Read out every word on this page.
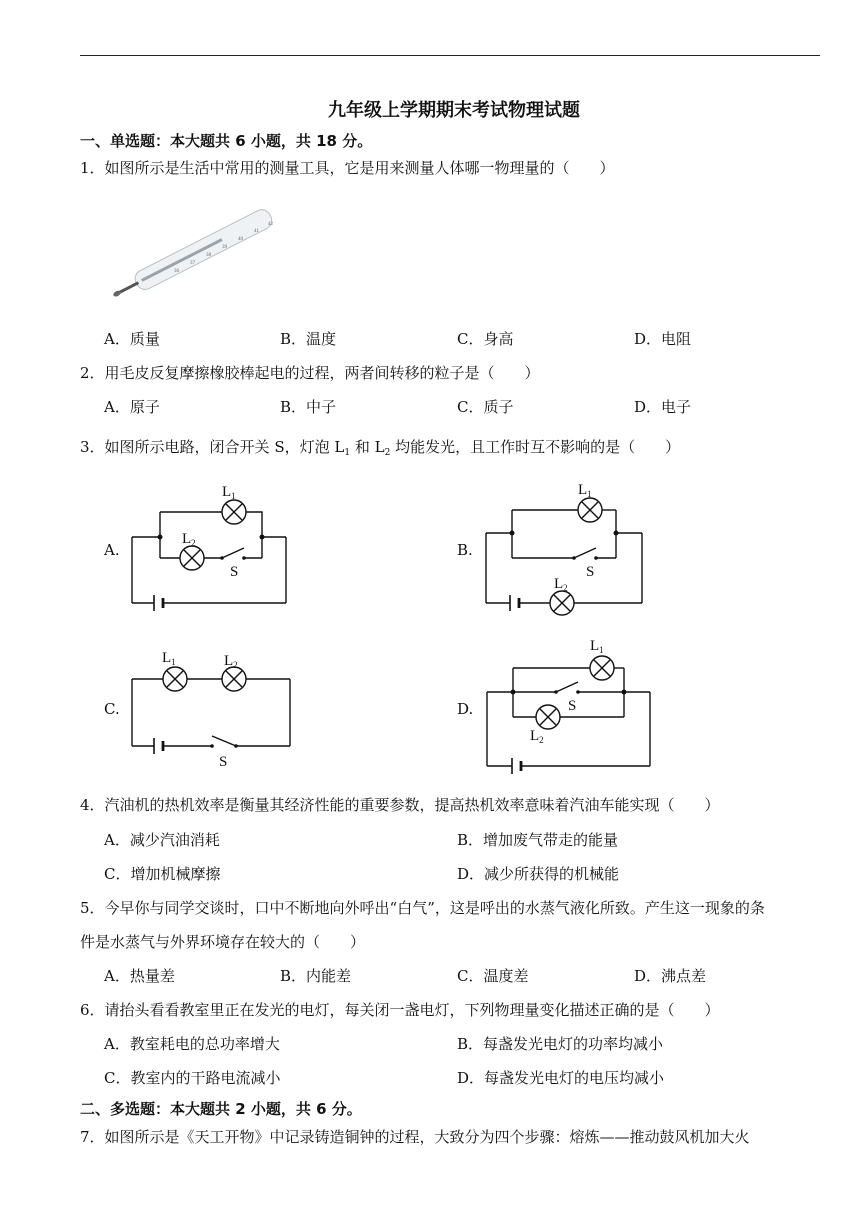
九年级上学期期末考试物理试题
一、单选题：本大题共 6 小题，共 18 分。
1．如图所示是生活中常用的测量工具，它是用来测量人体哪一物理量的（　　）
36
37
38
39
40
41
42
A．质量	B．温度	C．身高	D．电阻
2．用毛皮反复摩擦橡胶棒起电的过程，两者间转移的粒子是（　　）
A．原子	B．中子	C．质子	D．电子
3．如图所示电路，闭合开关 S，灯泡 $L_1$ 和 $L_2$ 均能发光，且工作时互不影响的是（　　）
A.	B.
C.	D.
$L_1$
$L_2$
S
$L_1$
$L_2$
S
$L_1$	$L_2$
S
$L_1$
$L_2$
S
4．汽油机的热机效率是衡量其经济性能的重要参数，提高热机效率意味着汽油车能实现（　　）
A．减少汽油消耗	B．增加废气带走的能量
C．增加机械摩擦	D．减少所获得的机械能
5．今早你与同学交谈时，口中不断地向外呼出“白气”，这是呼出的水蒸气液化所致。产生这一现象的条
件是水蒸气与外界环境存在较大的（　　）
A．热量差	B．内能差	C．温度差	D．沸点差
6．请抬头看看教室里正在发光的电灯，每关闭一盏电灯，下列物理量变化描述正确的是（　　）
A．教室耗电的总功率增大	B．每盏发光电灯的功率均减小
C．教室内的干路电流减小	D．每盏发光电灯的电压均减小
二、多选题：本大题共 2 小题，共 6 分。
7．如图所示是《天工开物》中记录铸造铜钟的过程，大致分为四个步骤：熔炼——推动鼓风机加大火
